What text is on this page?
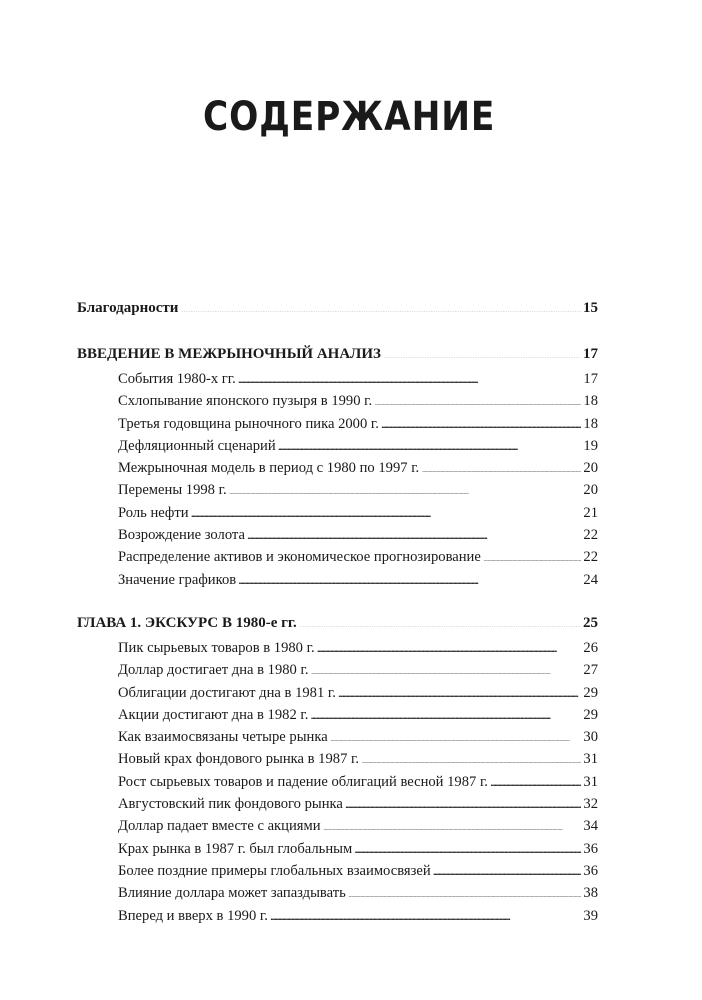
СОДЕРЖАНИЕ
Благодарности . . .	15
ВВЕДЕНИЕ В МЕЖРЫНОЧНЫЙ АНАЛИЗ . . .	17
События 1980-х гг. . . .	17
Схлопывание японского пузыря в 1990 г. . . .	18
Третья годовщина рыночного пика 2000 г. . . .	18
Дефляционный сценарий . . .	19
Межрыночная модель в период с 1980 по 1997 г. . . .	20
Перемены 1998 г. . . .	20
Роль нефти . . .	21
Возрождение золота . . .	22
Распределение активов и экономическое прогнозирование . . .	22
Значение графиков . . .	24
ГЛАВА 1. ЭКСКУРС В 1980-е гг. . . .	25
Пик сырьевых товаров в 1980 г. . . .	26
Доллар достигает дна в 1980 г. . . .	27
Облигации достигают дна в 1981 г. . . .	29
Акции достигают дна в 1982 г. . . .	29
Как взаимосвязаны четыре рынка . . .	30
Новый крах фондового рынка в 1987 г. . . .	31
Рост сырьевых товаров и падение облигаций весной 1987 г. . . .	31
Августовский пик фондового рынка . . .	32
Доллар падает вместе с акциями . . .	34
Крах рынка в 1987 г. был глобальным . . .	36
Более поздние примеры глобальных взаимосвязей . . .	36
Влияние доллара может запаздывать . . .	38
Вперед и вверх в 1990 г. . . .	39
